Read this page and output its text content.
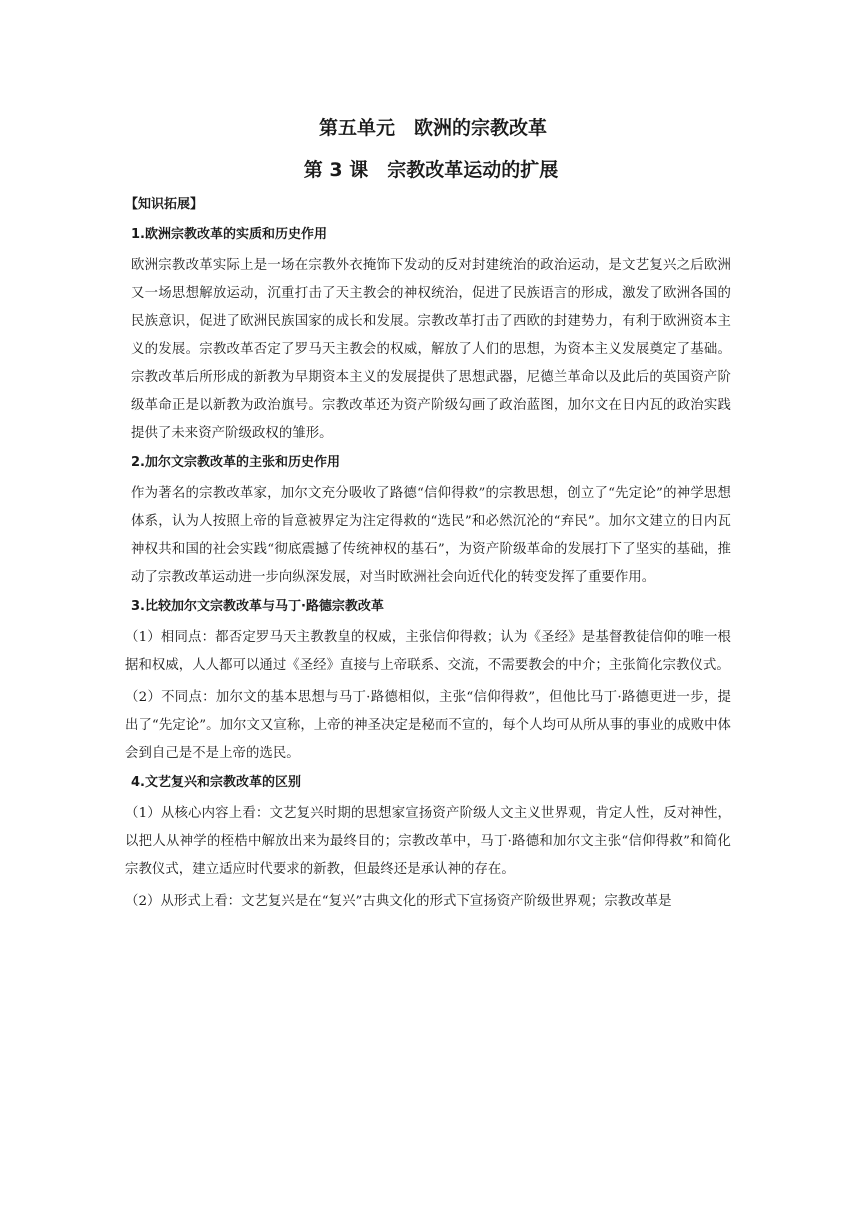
第五单元　欧洲的宗教改革
第 3 课　宗教改革运动的扩展
【知识拓展】
1.欧洲宗教改革的实质和历史作用

欧洲宗教改革实际上是一场在宗教外衣掩饰下发动的反对封建统治的政治运动，是文艺复兴之后欧洲又一场思想解放运动，沉重打击了天主教会的神权统治，促进了民族语言的形成，激发了欧洲各国的民族意识，促进了欧洲民族国家的成长和发展。宗教改革打击了西欧的封建势力，有利于欧洲资本主义的发展。宗教改革否定了罗马天主教会的权威，解放了人们的思想，为资本主义发展奠定了基础。宗教改革后所形成的新教为早期资本主义的发展提供了思想武器，尼德兰革命以及此后的英国资产阶级革命正是以新教为政治旗号。宗教改革还为资产阶级勾画了政治蓝图，加尔文在日内瓦的政治实践提供了未来资产阶级政权的雏形。

2.加尔文宗教改革的主张和历史作用

作为著名的宗教改革家，加尔文充分吸收了路德“信仰得救”的宗教思想，创立了“先定论”的神学思想体系，认为人按照上帝的旨意被界定为注定得救的“选民”和必然沉沦的“弃民”。加尔文建立的日内瓦神权共和国的社会实践“彻底震撼了传统神权的基石”，为资产阶级革命的发展打下了坚实的基础，推动了宗教改革运动进一步向纵深发展，对当时欧洲社会向近代化的转变发挥了重要作用。

3.比较加尔文宗教改革与马丁·路德宗教改革

（1）相同点：都否定罗马天主教教皇的权威，主张信仰得救；认为《圣经》是基督教徒信仰的唯一根据和权威，人人都可以通过《圣经》直接与上帝联系、交流，不需要教会的中介；主张简化宗教仪式。

（2）不同点：加尔文的基本思想与马丁·路德相似，主张“信仰得救”，但他比马丁·路德更进一步，提出了“先定论”。加尔文又宣称，上帝的神圣决定是秘而不宣的，每个人均可从所从事的事业的成败中体会到自己是不是上帝的选民。

4.文艺复兴和宗教改革的区别

（1）从核心内容上看：文艺复兴时期的思想家宣扬资产阶级人文主义世界观，肯定人性，反对神性，以把人从神学的桎梏中解放出来为最终目的；宗教改革中，马丁·路德和加尔文主张“信仰得救”和简化宗教仪式，建立适应时代要求的新教，但最终还是承认神的存在。

（2）从形式上看：文艺复兴是在“复兴”古典文化的形式下宣扬资产阶级世界观；宗教改革是
